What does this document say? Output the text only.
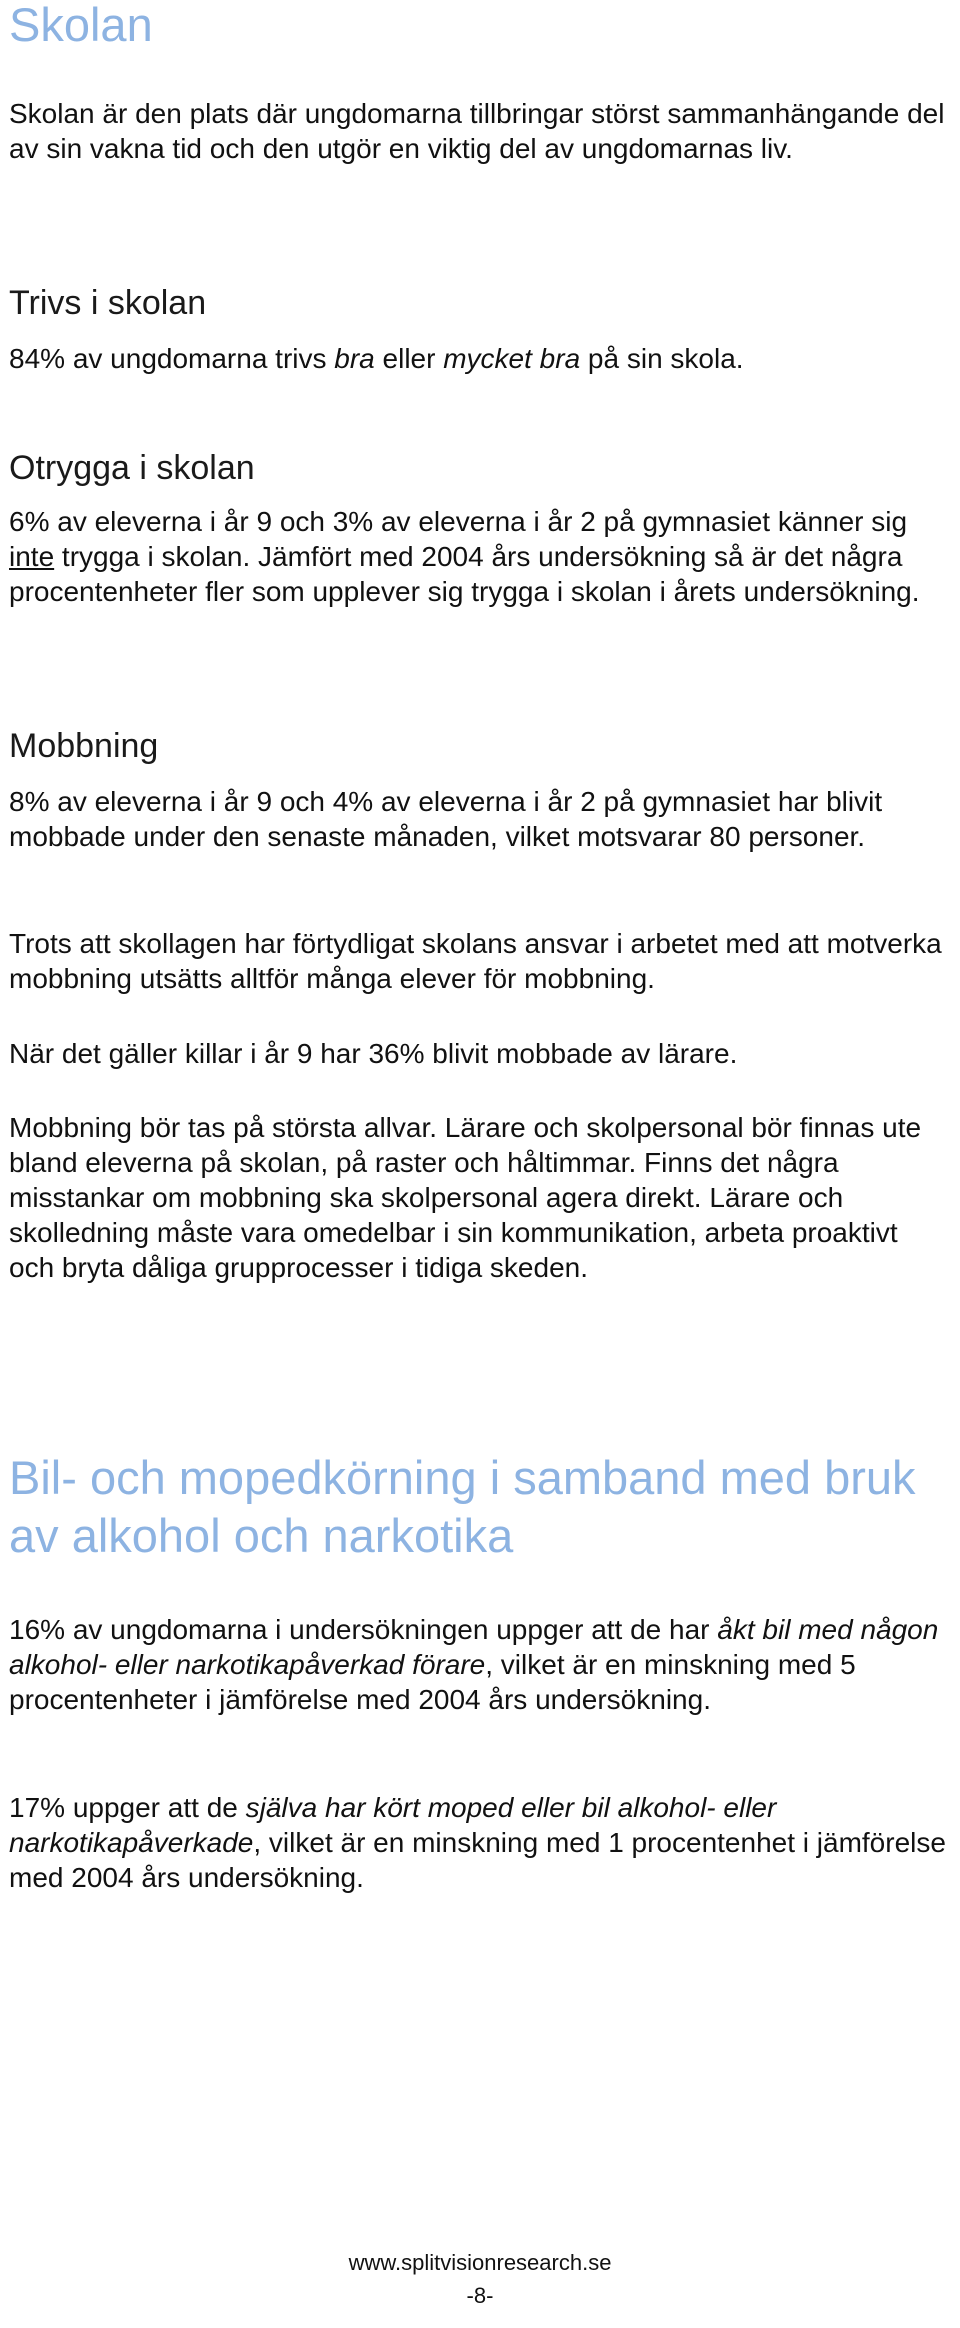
Skolan

Skolan är den plats där ungdomarna tillbringar störst sammanhängande del av sin vakna tid och den utgör en viktig del av ungdomarnas liv.

Trivs i skolan

84% av ungdomarna trivs bra eller mycket bra på sin skola.

Otrygga i skolan

6% av eleverna i år 9 och 3% av eleverna i år 2 på gymnasiet känner sig inte trygga i skolan. Jämfört med 2004 års undersökning så är det några procentenheter fler som upplever sig trygga i skolan i årets undersökning.

Mobbning

8% av eleverna i år 9 och 4% av eleverna i år 2 på gymnasiet har blivit mobbade under den senaste månaden, vilket motsvarar 80 personer.

Trots att skollagen har förtydligat skolans ansvar i arbetet med att motverka mobbning utsätts alltför många elever för mobbning.

När det gäller killar i år 9 har 36% blivit mobbade av lärare.

Mobbning bör tas på största allvar. Lärare och skolpersonal bör finnas ute bland eleverna på skolan, på raster och håltimmar. Finns det några misstankar om mobbning ska skolpersonal agera direkt. Lärare och skolledning måste vara omedelbar i sin kommunikation, arbeta proaktivt och bryta dåliga grupprocesser i tidiga skeden.

Bil- och mopedkörning i samband med bruk av alkohol och narkotika

16% av ungdomarna i undersökningen uppger att de har åkt bil med någon alkohol- eller narkotikapåverkad förare, vilket är en minskning med 5 procentenheter i jämförelse med 2004 års undersökning.

17% uppger att de själva har kört moped eller bil alkohol- eller narkotikapåverkade, vilket är en minskning med 1 procentenhet i jämförelse med 2004 års undersökning.

www.splitvisionresearch.se
-8-
